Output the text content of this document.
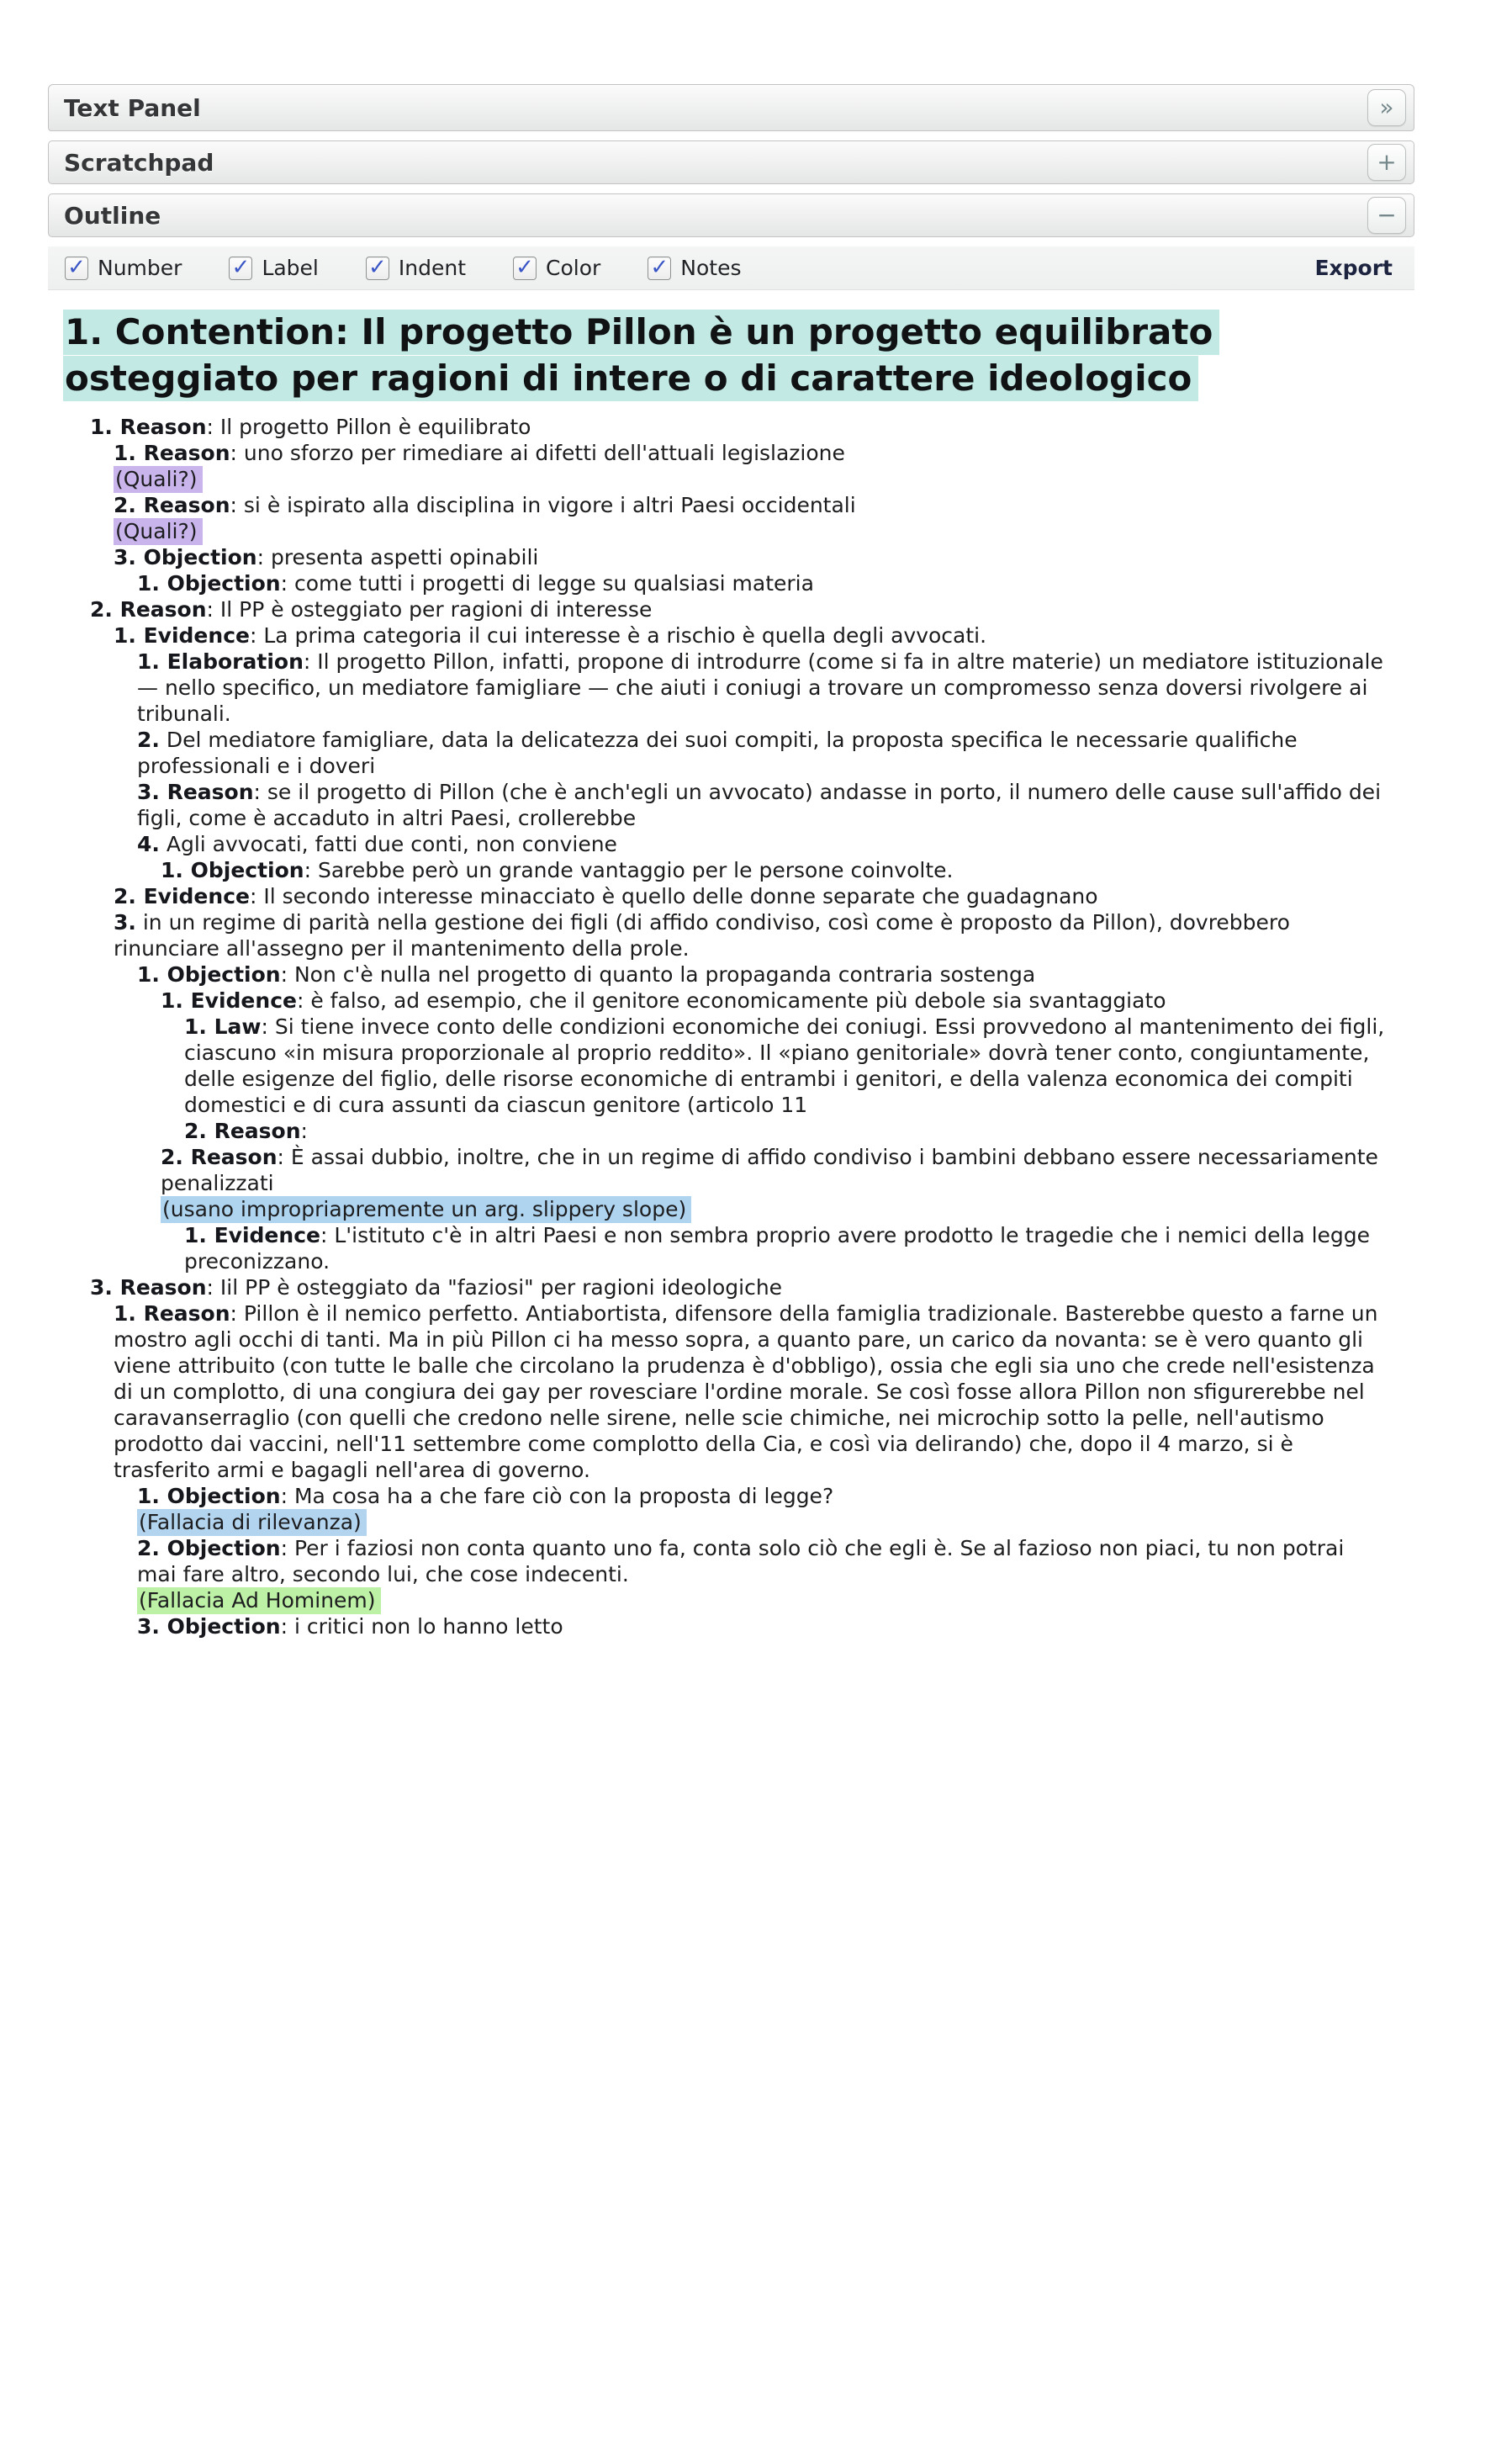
Text Panel	»
Scratchpad	+
Outline	−
✓ Number ✓ Label ✓ Indent ✓ Color ✓ Notes	Export
1. Contention: Il progetto Pillon è un progetto equilibrato
osteggiato per ragioni di intere o di carattere ideologico
1. Reason: Il progetto Pillon è equilibrato
1. Reason: uno sforzo per rimediare ai difetti dell'attuali legislazione
(Quali?)
2. Reason: si è ispirato alla disciplina in vigore i altri Paesi occidentali
(Quali?)
3. Objection: presenta aspetti opinabili
1. Objection: come tutti i progetti di legge su qualsiasi materia
2. Reason: Il PP è osteggiato per ragioni di interesse
1. Evidence: La prima categoria il cui interesse è a rischio è quella degli avvocati.
1. Elaboration: Il progetto Pillon, infatti, propone di introdurre (come si fa in altre materie) un mediatore istituzionale — nello specifico, un mediatore famigliare — che aiuti i coniugi a trovare un compromesso senza doversi rivolgere ai tribunali.
2. Del mediatore famigliare, data la delicatezza dei suoi compiti, la proposta specifica le necessarie qualifiche professionali e i doveri
3. Reason: se il progetto di Pillon (che è anch'egli un avvocato) andasse in porto, il numero delle cause sull'affido dei figli, come è accaduto in altri Paesi, crollerebbe
4. Agli avvocati, fatti due conti, non conviene
1. Objection: Sarebbe però un grande vantaggio per le persone coinvolte.
2. Evidence: Il secondo interesse minacciato è quello delle donne separate che guadagnano
3. in un regime di parità nella gestione dei figli (di affido condiviso, così come è proposto da Pillon), dovrebbero rinunciare all'assegno per il mantenimento della prole.
1. Objection: Non c'è nulla nel progetto di quanto la propaganda contraria sostenga
1. Evidence: è falso, ad esempio, che il genitore economicamente più debole sia svantaggiato
1. Law: Si tiene invece conto delle condizioni economiche dei coniugi. Essi provvedono al mantenimento dei figli, ciascuno «in misura proporzionale al proprio reddito». Il «piano genitoriale» dovrà tener conto, congiuntamente, delle esigenze del figlio, delle risorse economiche di entrambi i genitori, e della valenza economica dei compiti domestici e di cura assunti da ciascun genitore (articolo 11
2. Reason:
2. Reason: È assai dubbio, inoltre, che in un regime di affido condiviso i bambini debbano essere necessariamente penalizzati
(usano impropriapremente un arg. slippery slope)
1. Evidence: L'istituto c'è in altri Paesi e non sembra proprio avere prodotto le tragedie che i nemici della legge preconizzano.
3. Reason: Iil PP è osteggiato da "faziosi" per ragioni ideologiche
1. Reason: Pillon è il nemico perfetto. Antiabortista, difensore della famiglia tradizionale. Basterebbe questo a farne un mostro agli occhi di tanti. Ma in più Pillon ci ha messo sopra, a quanto pare, un carico da novanta: se è vero quanto gli viene attribuito (con tutte le balle che circolano la prudenza è d'obbligo), ossia che egli sia uno che crede nell'esistenza di un complotto, di una congiura dei gay per rovesciare l'ordine morale. Se così fosse allora Pillon non sfigurerebbe nel caravanserraglio (con quelli che credono nelle sirene, nelle scie chimiche, nei microchip sotto la pelle, nell'autismo prodotto dai vaccini, nell'11 settembre come complotto della Cia, e così via delirando) che, dopo il 4 marzo, si è trasferito armi e bagagli nell'area di governo.
1. Objection: Ma cosa ha a che fare ciò con la proposta di legge?
(Fallacia di rilevanza)
2. Objection: Per i faziosi non conta quanto uno fa, conta solo ciò che egli è. Se al fazioso non piaci, tu non potrai mai fare altro, secondo lui, che cose indecenti.
(Fallacia Ad Hominem)
3. Objection: i critici non lo hanno letto
